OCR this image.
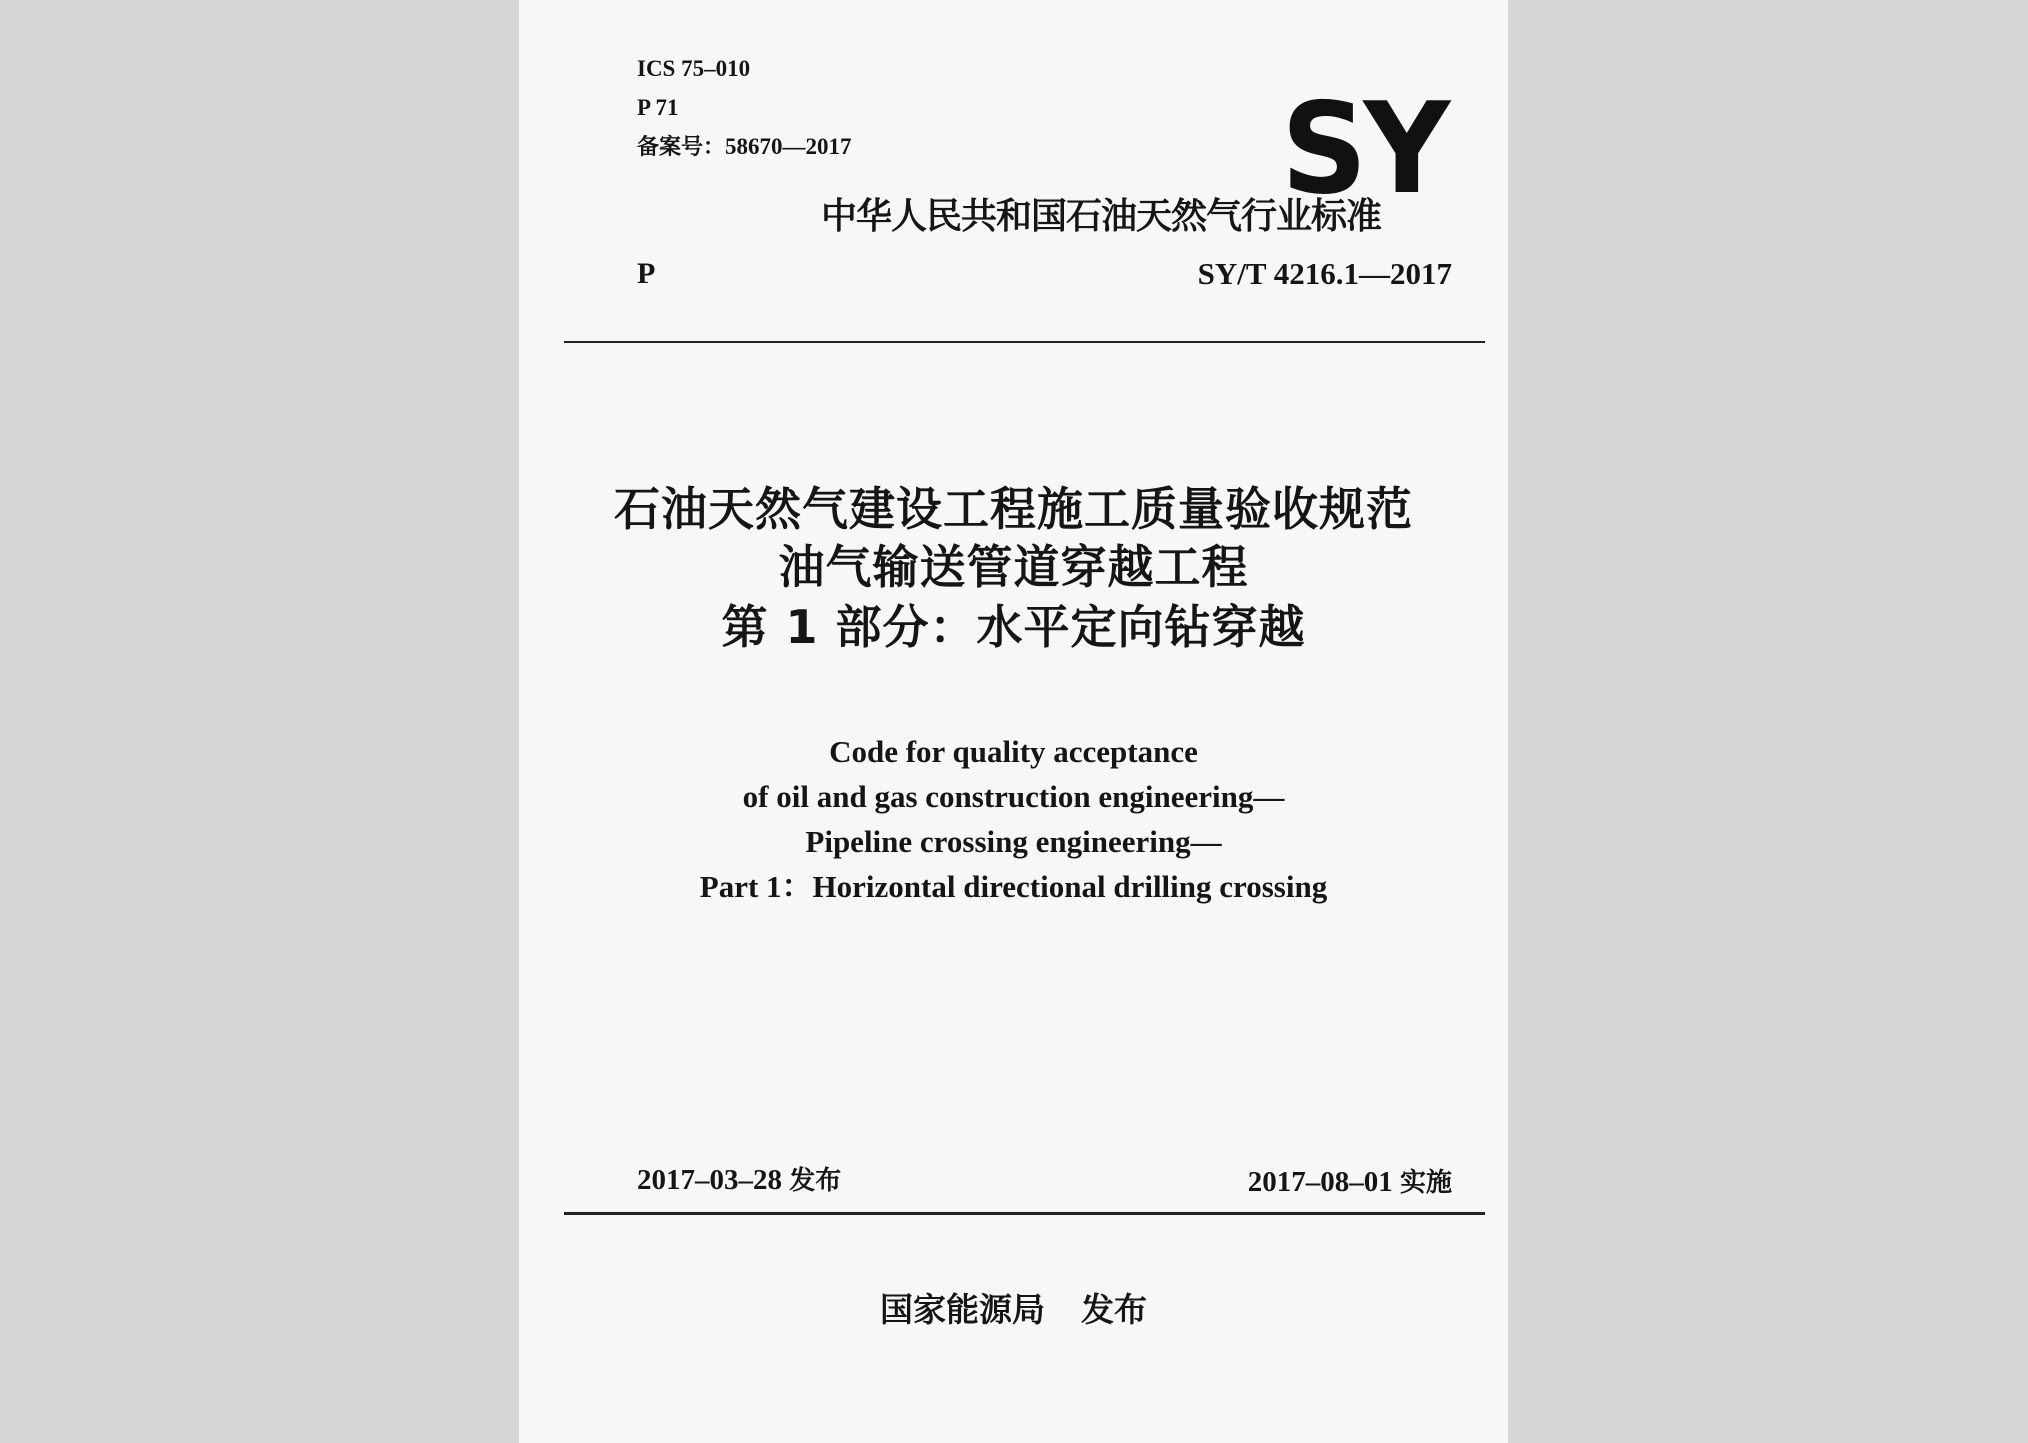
ICS 75–010
P 71
备案号：58670—2017	SY
中华人民共和国石油天然气行业标准
P	SY/T 4216.1—2017
石油天然气建设工程施工质量验收规范
油气输送管道穿越工程
第 1 部分：水平定向钻穿越
Code for quality acceptance
of oil and gas construction engineering—
Pipeline crossing engineering—
Part 1：Horizontal directional drilling crossing
2017–03–28 发布	2017–08–01 实施
国家能源局 发布
